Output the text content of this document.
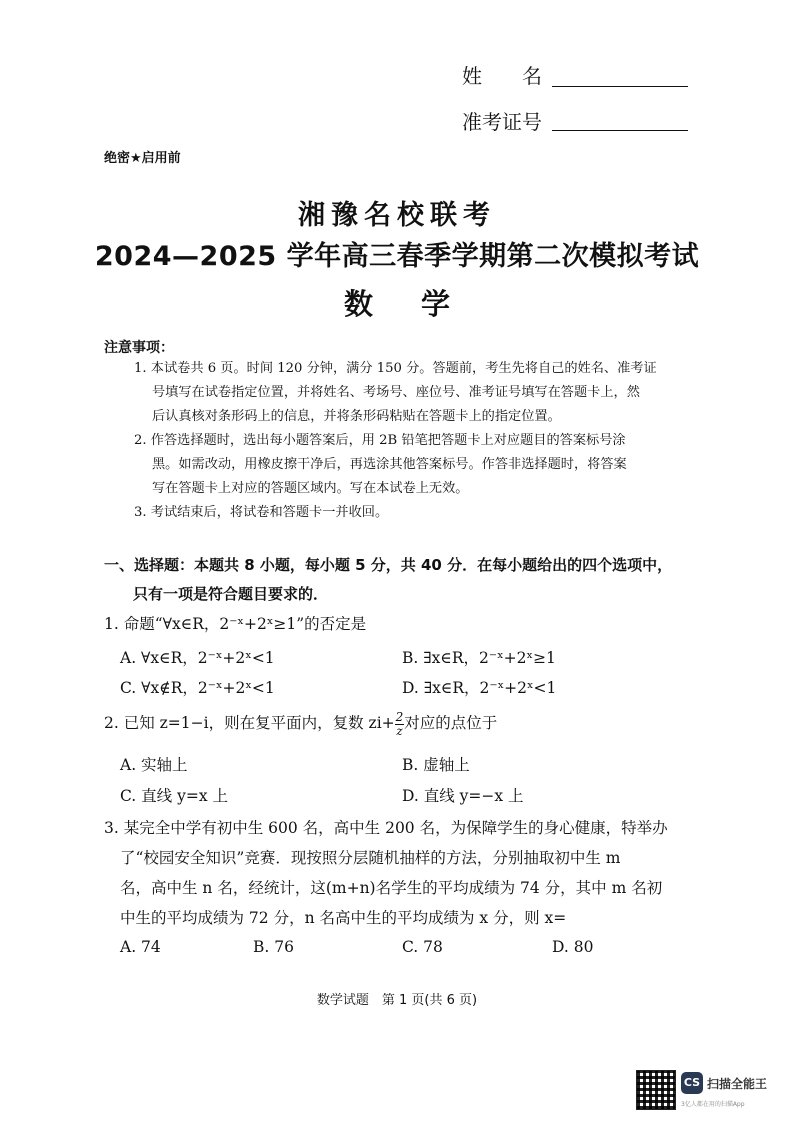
姓　　名
准考证号
绝密★启用前
湘豫名校联考
2024—2025 学年高三春季学期第二次模拟考试
数 学
注意事项：

1. 本试卷共 6 页。时间 120 分钟，满分 150 分。答题前，考生先将自己的姓名、准考证

号填写在试卷指定位置，并将姓名、考场号、座位号、准考证号填写在答题卡上，然

后认真核对条形码上的信息，并将条形码粘贴在答题卡上的指定位置。

2. 作答选择题时，选出每小题答案后，用 2B 铅笔把答题卡上对应题目的答案标号涂

黑。如需改动，用橡皮擦干净后，再选涂其他答案标号。作答非选择题时，将答案

写在答题卡上对应的答题区域内。写在本试卷上无效。

3. 考试结束后，将试卷和答题卡一并收回。

一、选择题：本题共 8 小题，每小题 5 分，共 40 分．在每小题给出的四个选项中，
只有一项是符合题目要求的．
1. 命题“∀x∈R，2⁻ˣ+2ˣ≥1”的否定是
A. ∀x∈R，2⁻ˣ+2ˣ<1	B. ∃x∈R，2⁻ˣ+2ˣ≥1
C. ∀x∉R，2⁻ˣ+2ˣ<1	D. ∃x∈R，2⁻ˣ+2ˣ<1
2. 已知 z=1−i，则在复平面内，复数 $zi+ \frac{2}{z}$ 对应的点位于
A. 实轴上	B. 虚轴上
C. 直线 y=x 上	D. 直线 y=−x 上
3. 某完全中学有初中生 600 名，高中生 200 名，为保障学生的身心健康，特举办
了“校园安全知识”竞赛．现按照分层随机抽样的方法，分别抽取初中生 m
名，高中生 n 名，经统计，这(m+n)名学生的平均成绩为 74 分，其中 m 名初
中生的平均成绩为 72 分，n 名高中生的平均成绩为 x 分，则 x=
A. 74	B. 76	C. 78	D. 80
数学试题　第 1 页(共 6 页)
CS 扫描全能王
3亿人都在用的扫描App
